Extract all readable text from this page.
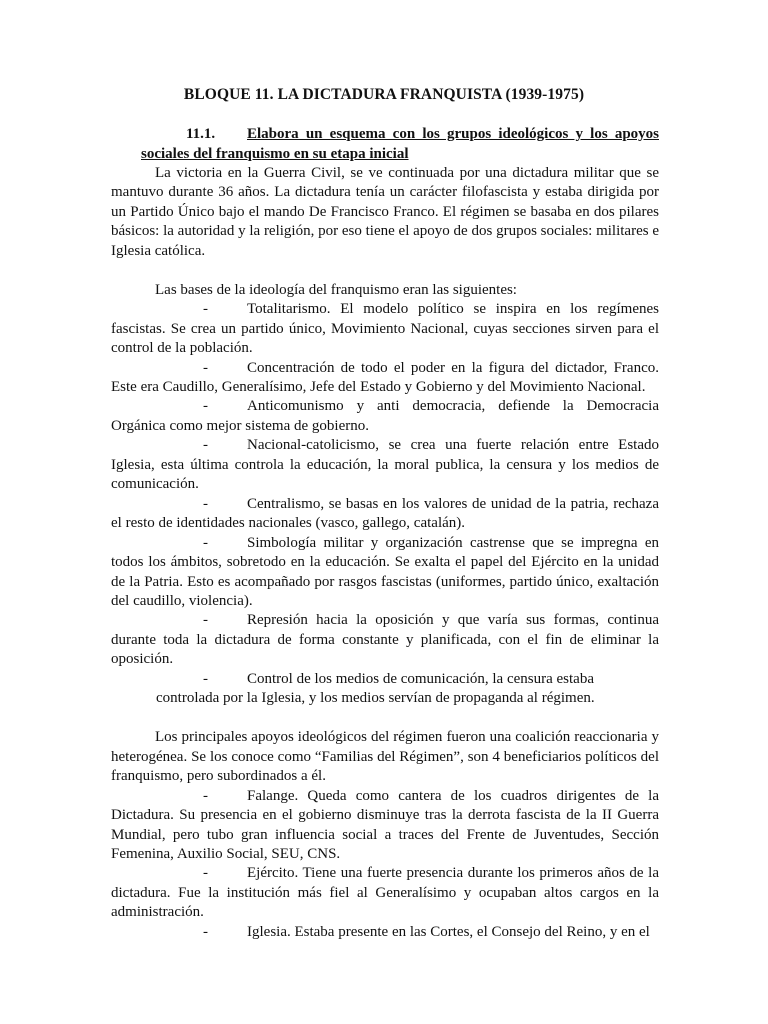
BLOQUE 11. LA DICTADURA FRANQUISTA (1939-1975)
11.1.	Elabora un esquema con los grupos ideológicos y los apoyos
sociales del franquismo en su etapa inicial

La victoria en la Guerra Civil, se ve continuada por una dictadura militar que se mantuvo durante 36 años. La dictadura tenía un carácter filofascista y estaba dirigida por un Partido Único bajo el mando De Francisco Franco. El régimen se basaba en dos pilares básicos: la autoridad y la religión, por eso tiene el apoyo de dos grupos sociales: militares e Iglesia católica.

Las bases de la ideología del franquismo eran las siguientes:

-	Totalitarismo. El modelo político se inspira en los regímenes fascistas. Se crea un partido único, Movimiento Nacional, cuyas secciones sirven para el control de la población.

-	Concentración de todo el poder en la figura del dictador, Franco. Este era Caudillo, Generalísimo, Jefe del Estado y Gobierno y del Movimiento Nacional.

-	Anticomunismo y anti democracia, defiende la Democracia Orgánica como mejor sistema de gobierno.

-	Nacional-catolicismo, se crea una fuerte relación entre Estado Iglesia, esta última controla la educación, la moral publica, la censura y los medios de comunicación.

-	Centralismo, se basas en los valores de unidad de la patria, rechaza el resto de identidades nacionales (vasco, gallego, catalán).

-	Simbología militar y organización castrense que se impregna en todos los ámbitos, sobretodo en la educación. Se exalta el papel del Ejército en la unidad de la Patria. Esto es acompañado por rasgos fascistas (uniformes, partido único, exaltación del caudillo, violencia).

-	Represión hacia la oposición y que varía sus formas, continua durante toda la dictadura de forma constante y planificada, con el fin de eliminar la oposición.

-	Control de los medios de comunicación, la censura estaba controlada por la Iglesia, y los medios servían de propaganda al régimen.

Los principales apoyos ideológicos del régimen fueron una coalición reaccionaria y heterogénea. Se los conoce como “Familias del Régimen”, son 4 beneficiarios políticos del franquismo, pero subordinados a él.

-	Falange. Queda como cantera de los cuadros dirigentes de la Dictadura. Su presencia en el gobierno disminuye tras la derrota fascista de la II Guerra Mundial, pero tubo gran influencia social a traces del Frente de Juventudes, Sección Femenina, Auxilio Social, SEU, CNS.

-	Ejército. Tiene una fuerte presencia durante los primeros años de la dictadura. Fue la institución más fiel al Generalísimo y ocupaban altos cargos en la administración.

-	Iglesia. Estaba presente en las Cortes, el Consejo del Reino, y en el
